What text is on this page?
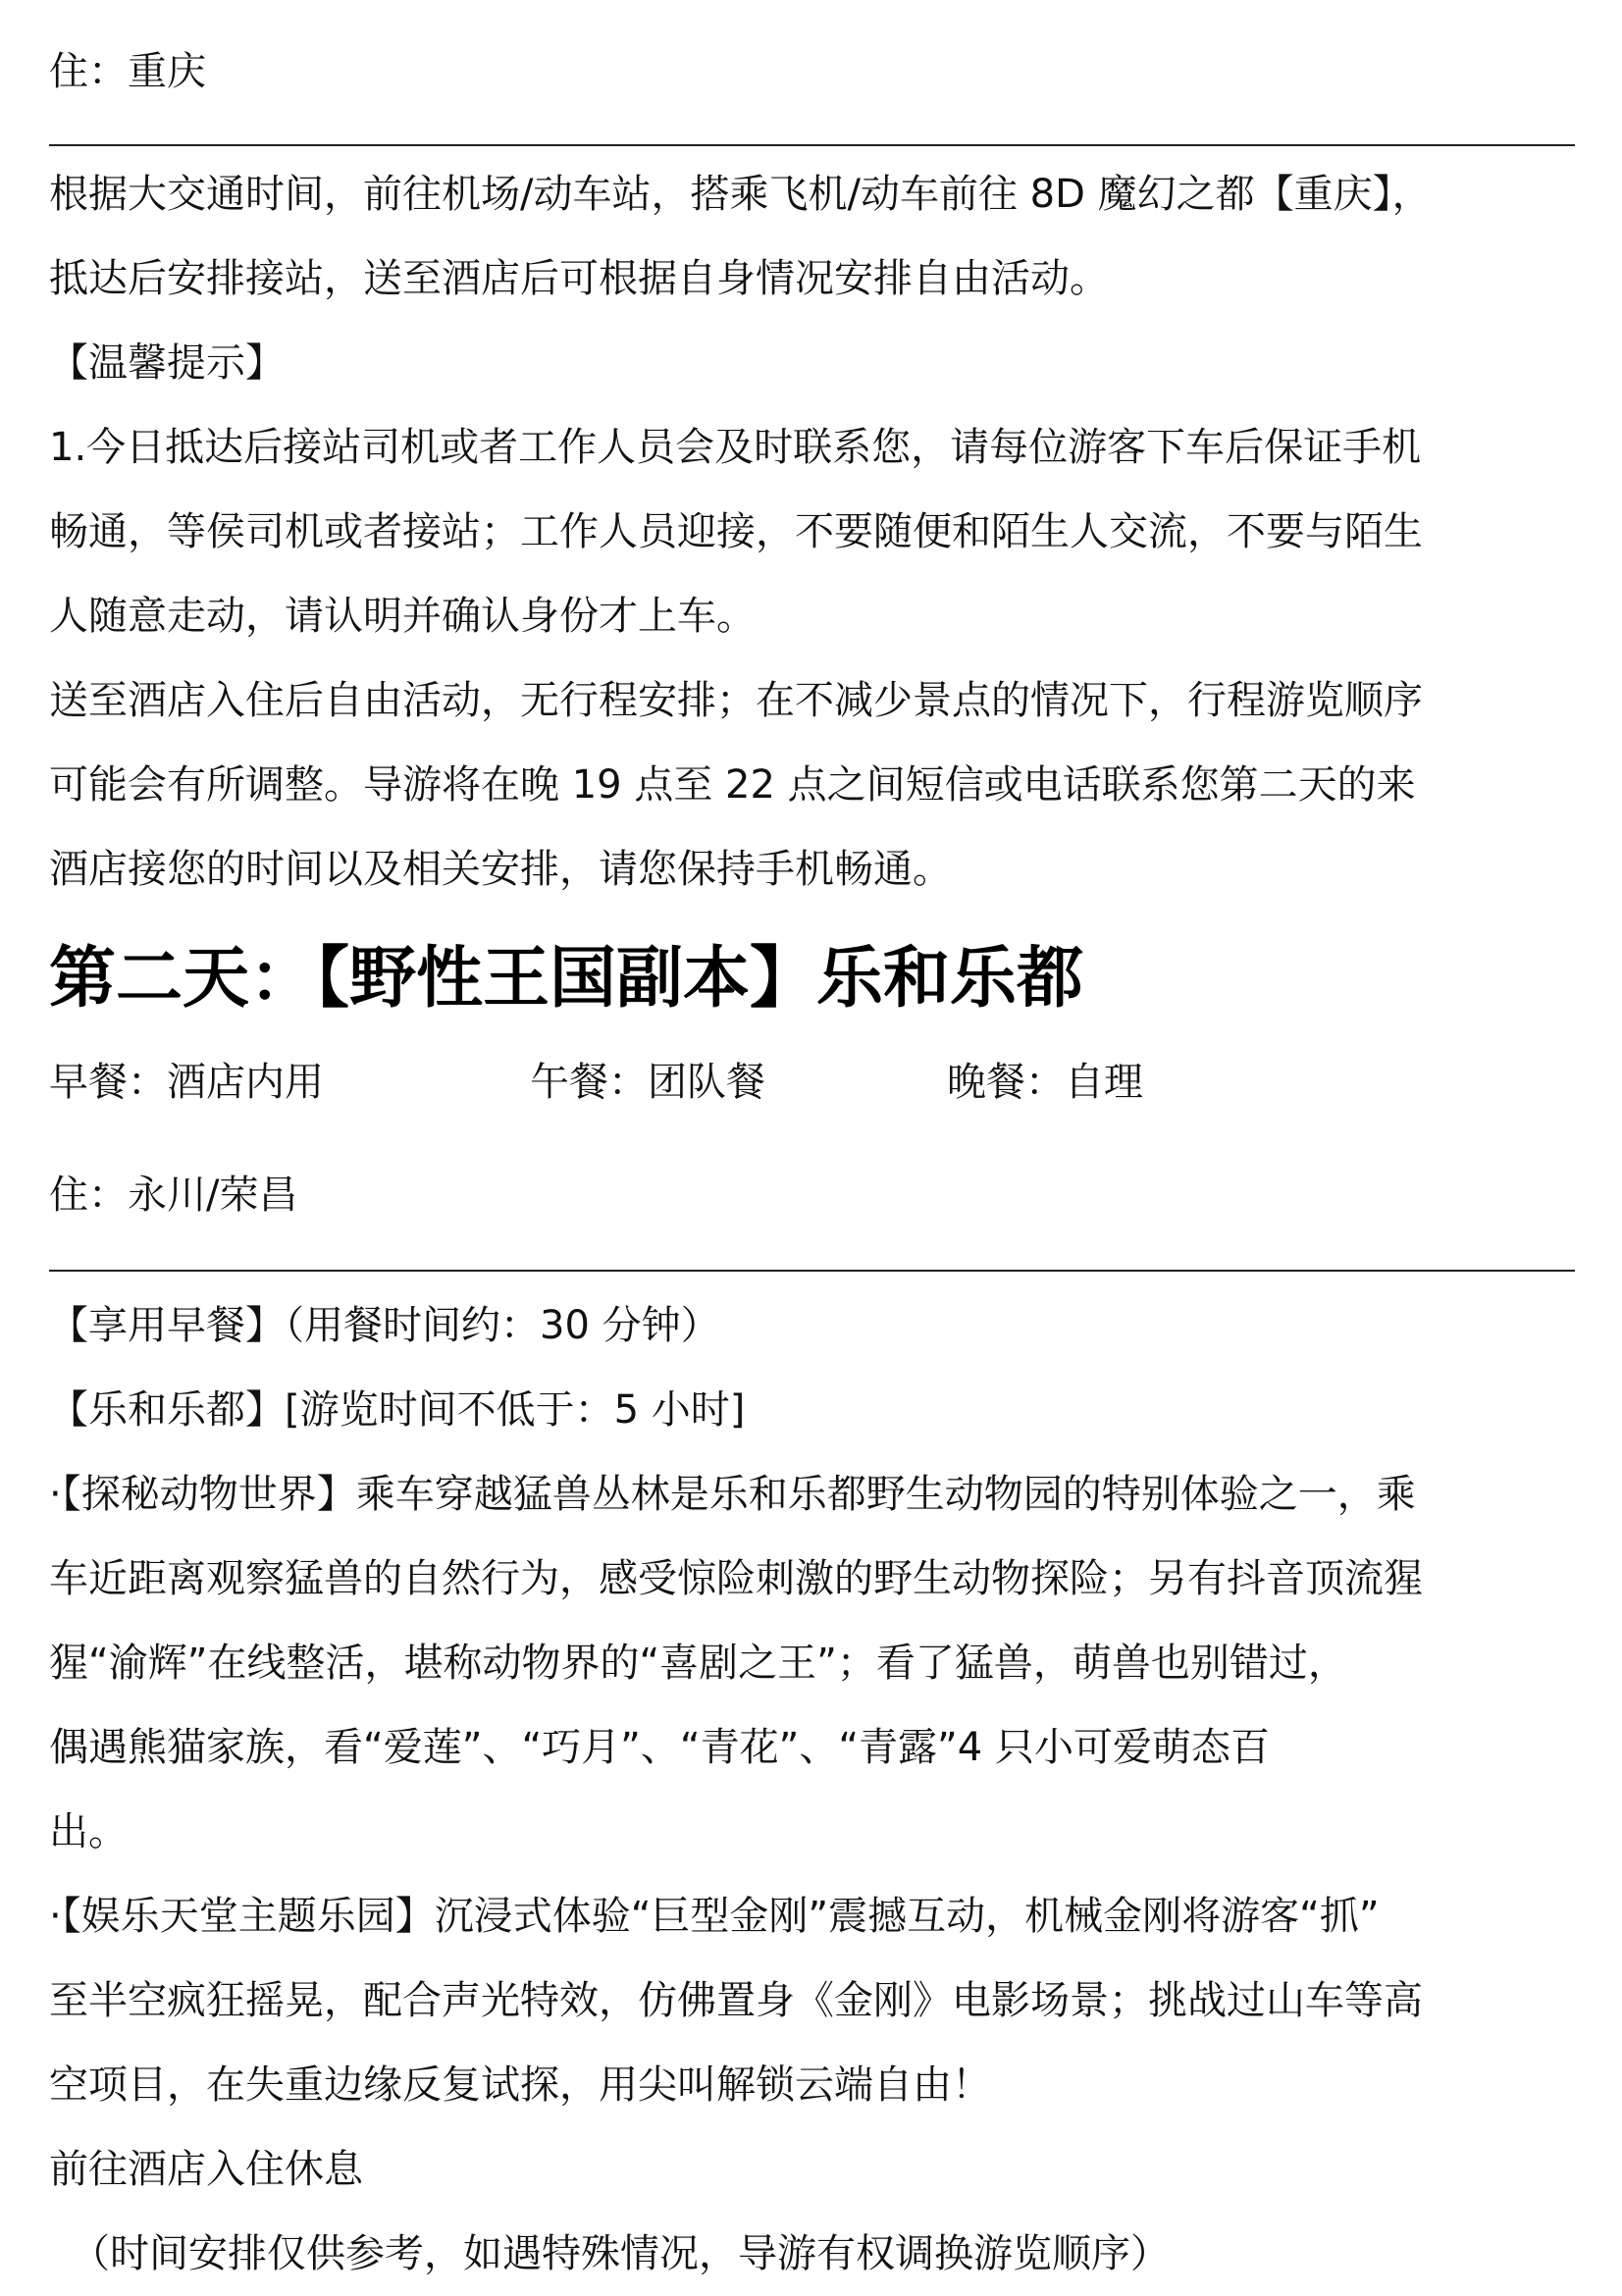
住：重庆
根据大交通时间，前往机场/动车站，搭乘飞机/动车前往 8D 魔幻之都【重庆】，
抵达后安排接站，送至酒店后可根据自身情况安排自由活动。
【温馨提示】
1.今日抵达后接站司机或者工作人员会及时联系您，请每位游客下车后保证手机
畅通，等侯司机或者接站；工作人员迎接，不要随便和陌生人交流，不要与陌生
人随意走动，请认明并确认身份才上车。
送至酒店入住后自由活动，无行程安排；在不减少景点的情况下，行程游览顺序
可能会有所调整。导游将在晚 19 点至 22 点之间短信或电话联系您第二天的来
酒店接您的时间以及相关安排，请您保持手机畅通。
第二天：【野性王国副本】乐和乐都
早餐：酒店内用	午餐：团队餐	晚餐：自理
住：永川/荣昌
【享用早餐】（用餐时间约：30 分钟）
【乐和乐都】[游览时间不低于：5 小时]
·【探秘动物世界】乘车穿越猛兽丛林是乐和乐都野生动物园的特别体验之一，乘
车近距离观察猛兽的自然行为，感受惊险刺激的野生动物探险；另有抖音顶流猩
猩“渝辉”在线整活，堪称动物界的“喜剧之王”；看了猛兽，萌兽也别错过，
偶遇熊猫家族，看“爱莲”、“巧月”、“青花”、“青露”4 只小可爱萌态百
出。
·【娱乐天堂主题乐园】沉浸式体验“巨型金刚”震撼互动，机械金刚将游客“抓”
至半空疯狂摇晃，配合声光特效，仿佛置身《金刚》电影场景；挑战过山车等高
空项目，在失重边缘反复试探，用尖叫解锁云端自由！
前往酒店入住休息
（时间安排仅供参考，如遇特殊情况，导游有权调换游览顺序）
